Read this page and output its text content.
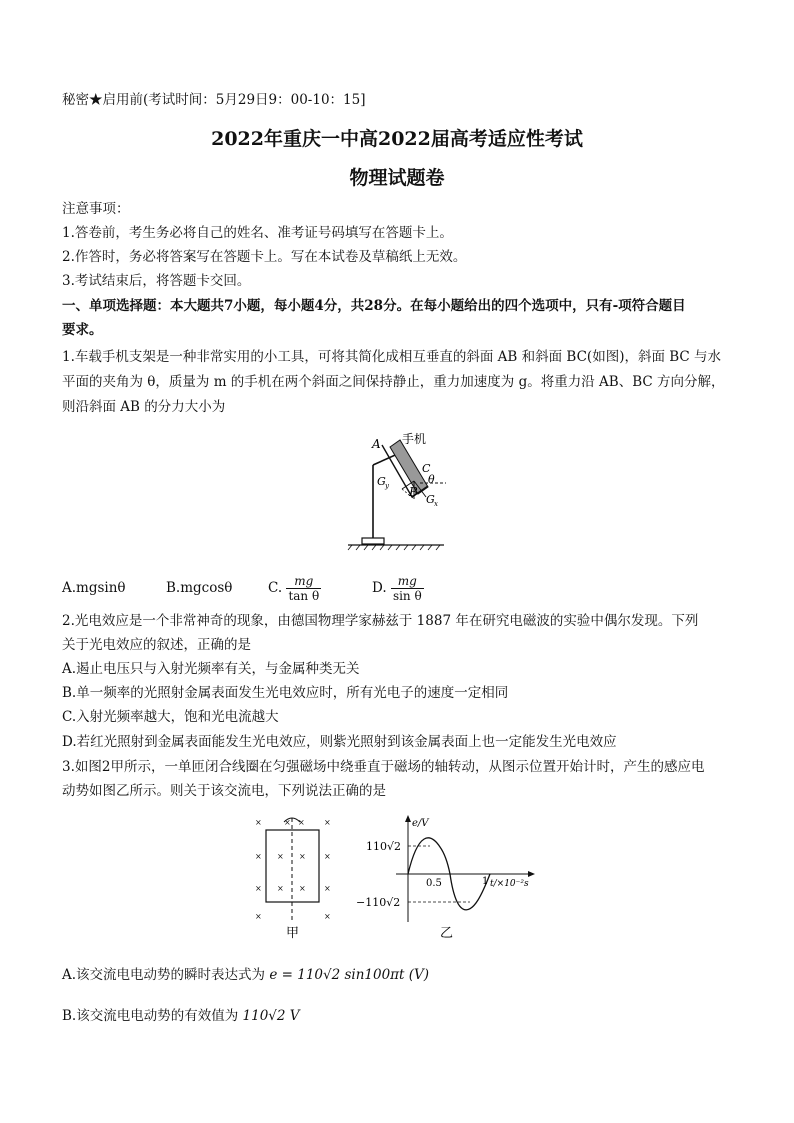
秘密★启用前(考试时间：5月29日9：00-10：15]
2022年重庆一中高2022届高考适应性考试
物理试题卷
注意事项：
1.答卷前，考生务必将自己的姓名、准考证号码填写在答题卡上。
2.作答时，务必将答案写在答题卡上。写在本试卷及草稿纸上无效。
3.考试结束后，将答题卡交回。
一、单项选择题：本大题共7小题，每小题4分，共28分。在每小题给出的四个选项中，只有-项符合题目
要求。
1.车载手机支架是一种非常实用的小工具，可将其简化成相互垂直的斜面 AB 和斜面 BC(如图)，斜面 BC 与水
平面的夹角为 θ，质量为 m 的手机在两个斜面之间保持静止，重力加速度为 g。将重力沿 AB、BC 方向分解，
则沿斜面 AB 的分力大小为
A 手机
C
θ
G y B
G x
A.mgsinθ	B.mgcosθ	C. $\frac{mg}{\text{tan θ}}$	D. $\frac{mg}{\text{sin θ}}$
2.光电效应是一个非常神奇的现象，由德国物理学家赫兹于 1887 年在研究电磁波的实验中偶尔发现。下列
关于光电效应的叙述，正确的是
A.遏止电压只与入射光频率有关，与金属种类无关
B.单一频率的光照射金属表面发生光电效应时，所有光电子的速度一定相同
C.入射光频率越大，饱和光电流越大
D.若红光照射到金属表面能发生光电效应，则紫光照射到该金属表面上也一定能发生光电效应
3.如图2甲所示，一单匝闭合线圈在匀强磁场中绕垂直于磁场的轴转动，从图示位置开始计时，产生的感应电
动势如图乙所示。则关于该交流电，下列说法正确的是
×
×
×
×
×
×
×
×
×
×
×
×
× ×
甲
e/V
110√2
−110√2
0.5	1 t/×10⁻²s
乙
A.该交流电电动势的瞬时表达式为 e = 110√2 sin100πt (V)
B.该交流电电动势的有效值为 110√2 V
